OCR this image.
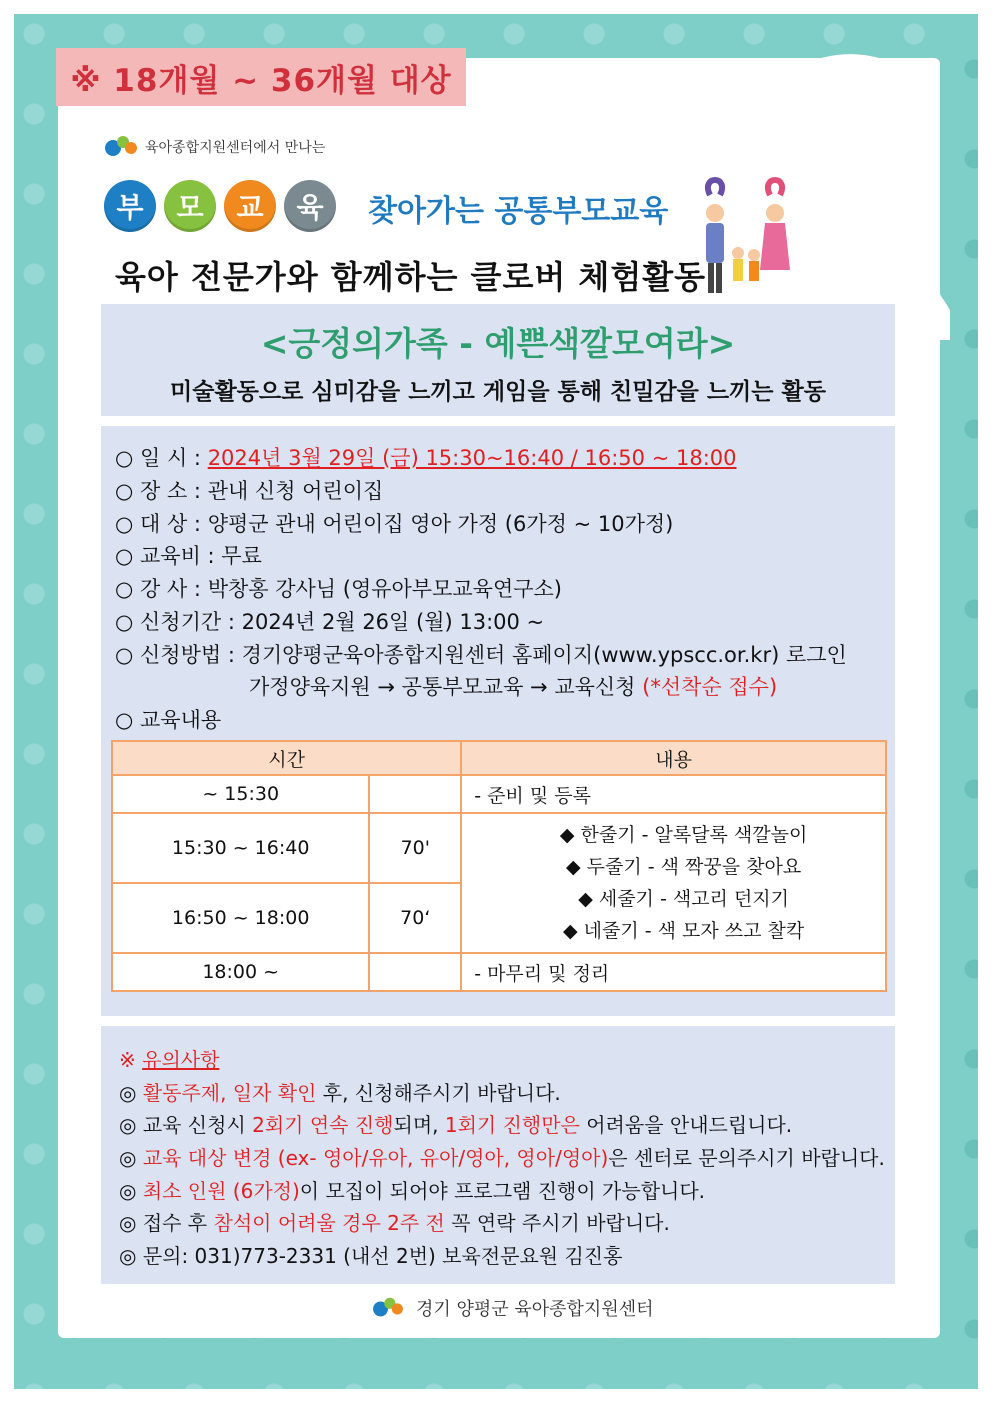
※ 18개월 ~ 36개월 대상
육아종합지원센터에서 만나는
부	모	교	육	찾아가는 공통부모교육
육아 전문가와 함께하는 클로버 체험활동
<긍정의가족 - 예쁜색깔모여라>
미술활동으로 심미감을 느끼고 게임을 통해 친밀감을 느끼는 활동
○ 일 시 : 2024년 3월 29일 (금) 15:30~16:40 / 16:50 ~ 18:00
○ 장 소 : 관내 신청 어린이집
○ 대 상 : 양평군 관내 어린이집 영아 가정 (6가정 ~ 10가정)
○ 교육비 : 무료
○ 강 사 : 박창홍 강사님 (영유아부모교육연구소)
○ 신청기간 : 2024년 2월 26일 (월) 13:00 ~
○ 신청방법 : 경기양평군육아종합지원센터 홈페이지(www.ypscc.or.kr) 로그인
가정양육지원 → 공통부모교육 → 교육신청 (*선착순 접수)
○ 교육내용
시간		내용
~ 15:30		- 준비 및 등록
15:30 ~ 16:40	70'	◆ 한줄기 - 알록달록 색깔놀이
◆ 두줄기 - 색 짝꿍을 찾아요
◆ 세줄기 - 색고리 던지기
◆ 네줄기 - 색 모자 쓰고 찰칵

16:50 ~ 18:00	70‘	
18:00 ~		- 마무리 및 정리
※ 유의사항
◎ 활동주제, 일자 확인 후, 신청해주시기 바랍니다.
◎ 교육 신청시 2회기 연속 진행되며, 1회기 진행만은 어려움을 안내드립니다.
◎ 교육 대상 변경 (ex- 영아/유아, 유아/영아, 영아/영아)은 센터로 문의주시기 바랍니다.
◎ 최소 인원 (6가정)이 모집이 되어야 프로그램 진행이 가능합니다.
◎ 접수 후 참석이 어려울 경우 2주 전 꼭 연락 주시기 바랍니다.
◎ 문의: 031)773-2331 (내선 2번) 보육전문요원 김진홍
경기 양평군 육아종합지원센터
